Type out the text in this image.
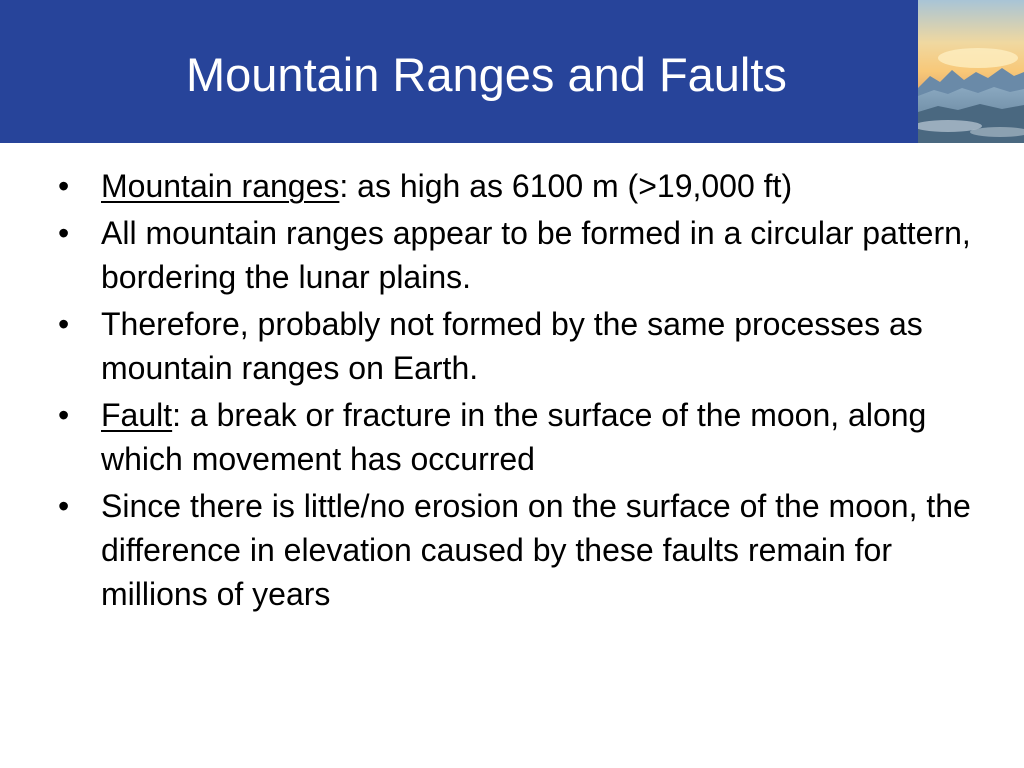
Mountain Ranges and Faults
• Mountain ranges: as high as 6100 m (>19,000 ft)
• All mountain ranges appear to be formed in a circular pattern, bordering the lunar plains.
• Therefore, probably not formed by the same processes as mountain ranges on Earth.
• Fault: a break or fracture in the surface of the moon, along which movement has occurred
• Since there is little/no erosion on the surface of the moon, the difference in elevation caused by these faults remain for millions of years
